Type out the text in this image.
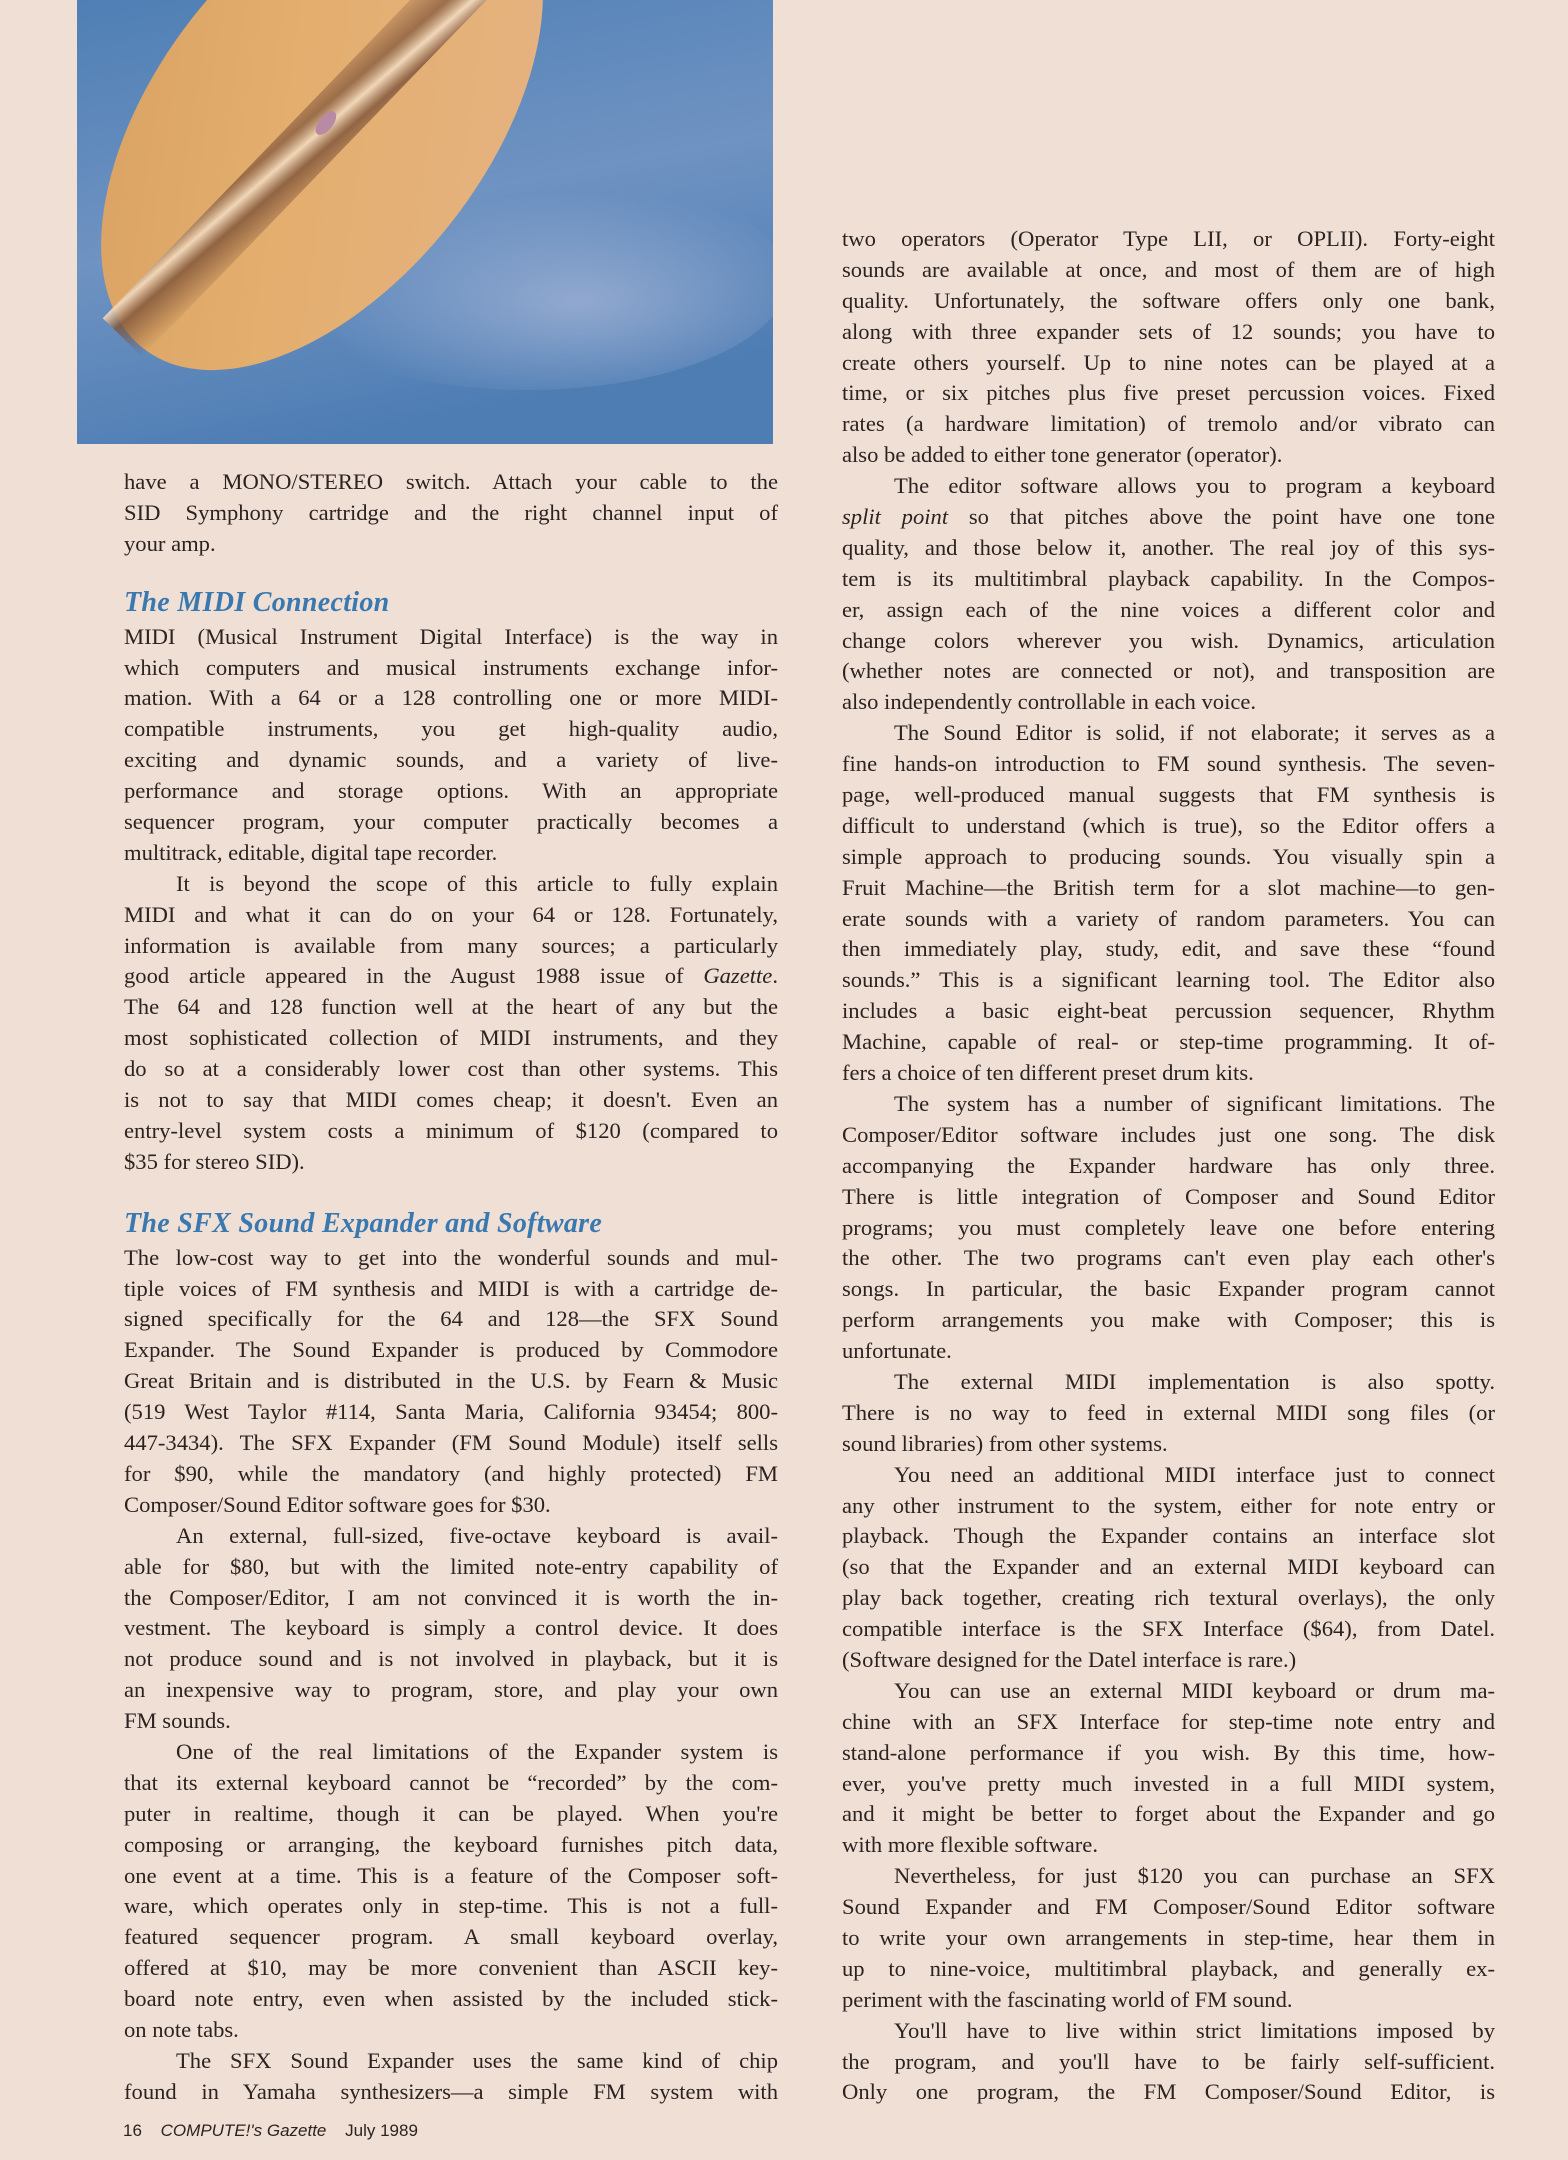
have a MONO/STEREO switch. Attach your cable to the
SID Symphony cartridge and the right channel input of
your amp.
The MIDI Connection
MIDI (Musical Instrument Digital Interface) is the way in
which computers and musical instruments exchange infor-
mation. With a 64 or a 128 controlling one or more MIDI-
compatible instruments, you get high-quality audio,
exciting and dynamic sounds, and a variety of live-
performance and storage options. With an appropriate
sequencer program, your computer practically becomes a
multitrack, editable, digital tape recorder.
It is beyond the scope of this article to fully explain
MIDI and what it can do on your 64 or 128. Fortunately,
information is available from many sources; a particularly
good article appeared in the August 1988 issue of Gazette.
The 64 and 128 function well at the heart of any but the
most sophisticated collection of MIDI instruments, and they
do so at a considerably lower cost than other systems. This
is not to say that MIDI comes cheap; it doesn't. Even an
entry-level system costs a minimum of $120 (compared to
$35 for stereo SID).
The SFX Sound Expander and Software
The low-cost way to get into the wonderful sounds and mul-
tiple voices of FM synthesis and MIDI is with a cartridge de-
signed specifically for the 64 and 128—the SFX Sound
Expander. The Sound Expander is produced by Commodore
Great Britain and is distributed in the U.S. by Fearn & Music
(519 West Taylor #114, Santa Maria, California 93454; 800-
447-3434). The SFX Expander (FM Sound Module) itself sells
for $90, while the mandatory (and highly protected) FM
Composer/Sound Editor software goes for $30.
An external, full-sized, five-octave keyboard is avail-
able for $80, but with the limited note-entry capability of
the Composer/Editor, I am not convinced it is worth the in-
vestment. The keyboard is simply a control device. It does
not produce sound and is not involved in playback, but it is
an inexpensive way to program, store, and play your own
FM sounds.
One of the real limitations of the Expander system is
that its external keyboard cannot be “recorded” by the com-
puter in realtime, though it can be played. When you're
composing or arranging, the keyboard furnishes pitch data,
one event at a time. This is a feature of the Composer soft-
ware, which operates only in step-time. This is not a full-
featured sequencer program. A small keyboard overlay,
offered at $10, may be more convenient than ASCII key-
board note entry, even when assisted by the included stick-
on note tabs.
The SFX Sound Expander uses the same kind of chip
found in Yamaha synthesizers—a simple FM system with
two operators (Operator Type LII, or OPLII). Forty-eight
sounds are available at once, and most of them are of high
quality. Unfortunately, the software offers only one bank,
along with three expander sets of 12 sounds; you have to
create others yourself. Up to nine notes can be played at a
time, or six pitches plus five preset percussion voices. Fixed
rates (a hardware limitation) of tremolo and/or vibrato can
also be added to either tone generator (operator).
The editor software allows you to program a keyboard
split point so that pitches above the point have one tone
quality, and those below it, another. The real joy of this sys-
tem is its multitimbral playback capability. In the Compos-
er, assign each of the nine voices a different color and
change colors wherever you wish. Dynamics, articulation
(whether notes are connected or not), and transposition are
also independently controllable in each voice.
The Sound Editor is solid, if not elaborate; it serves as a
fine hands-on introduction to FM sound synthesis. The seven-
page, well-produced manual suggests that FM synthesis is
difficult to understand (which is true), so the Editor offers a
simple approach to producing sounds. You visually spin a
Fruit Machine—the British term for a slot machine—to gen-
erate sounds with a variety of random parameters. You can
then immediately play, study, edit, and save these “found
sounds.” This is a significant learning tool. The Editor also
includes a basic eight-beat percussion sequencer, Rhythm
Machine, capable of real- or step-time programming. It of-
fers a choice of ten different preset drum kits.
The system has a number of significant limitations. The
Composer/Editor software includes just one song. The disk
accompanying the Expander hardware has only three.
There is little integration of Composer and Sound Editor
programs; you must completely leave one before entering
the other. The two programs can't even play each other's
songs. In particular, the basic Expander program cannot
perform arrangements you make with Composer; this is
unfortunate.
The external MIDI implementation is also spotty.
There is no way to feed in external MIDI song files (or
sound libraries) from other systems.
You need an additional MIDI interface just to connect
any other instrument to the system, either for note entry or
playback. Though the Expander contains an interface slot
(so that the Expander and an external MIDI keyboard can
play back together, creating rich textural overlays), the only
compatible interface is the SFX Interface ($64), from Datel.
(Software designed for the Datel interface is rare.)
You can use an external MIDI keyboard or drum ma-
chine with an SFX Interface for step-time note entry and
stand-alone performance if you wish. By this time, how-
ever, you've pretty much invested in a full MIDI system,
and it might be better to forget about the Expander and go
with more flexible software.
Nevertheless, for just $120 you can purchase an SFX
Sound Expander and FM Composer/Sound Editor software
to write your own arrangements in step-time, hear them in
up to nine-voice, multitimbral playback, and generally ex-
periment with the fascinating world of FM sound.
You'll have to live within strict limitations imposed by
the program, and you'll have to be fairly self-sufficient.
Only one program, the FM Composer/Sound Editor, is
16 COMPUTE!'s Gazette July 1989
